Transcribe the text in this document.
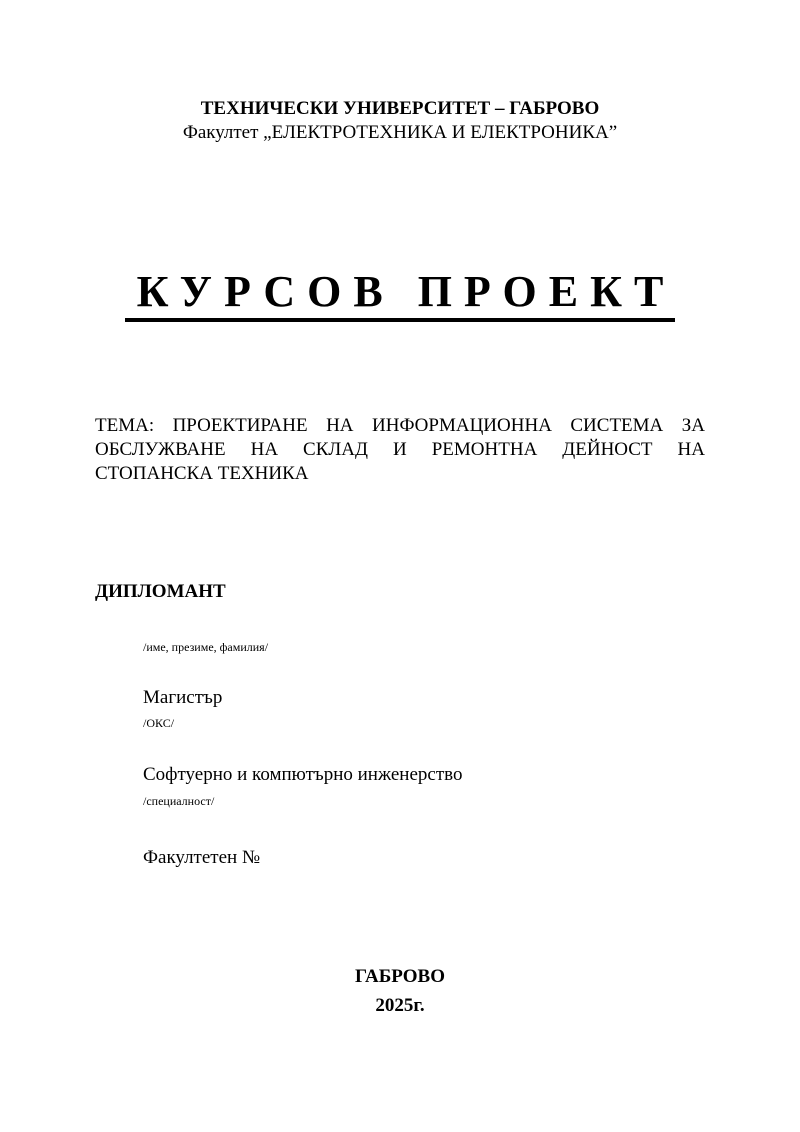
ТЕХНИЧЕСКИ УНИВЕРСИТЕТ – ГАБРОВО
Факултет „ЕЛЕКТРОТЕХНИКА И ЕЛЕКТРОНИКА”
КУРСОВ ПРОЕКТ
ТЕМА: ПРОЕКТИРАНЕ НА ИНФОРМАЦИОННА СИСТЕМА ЗА ОБСЛУЖВАНЕ НА СКЛАД И РЕМОНТНА ДЕЙНОСТ НА СТОПАНСКА ТЕХНИКА
ДИПЛОМАНТ
/име, презиме, фамилия/
Магистър
/ОКС/
Софтуерно и компютърно инженерство
/специалност/
Факултетен №
ГАБРОВО
2025г.
